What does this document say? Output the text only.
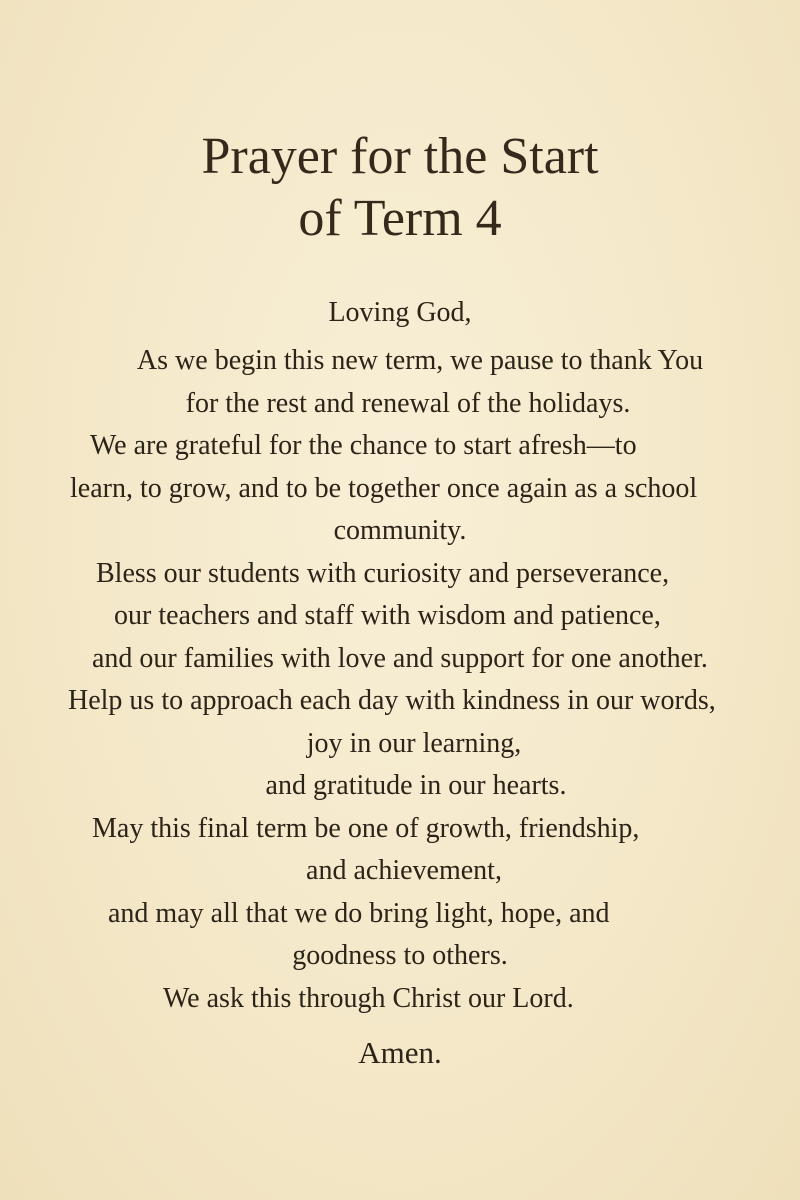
Prayer for the Start
of Term 4
Loving God,
As we begin this new term, we pause to thank You
for the rest and renewal of the holidays.
We are grateful for the chance to start afresh—to
learn, to grow, and to be together once again as a school
community.
Bless our students with curiosity and perseverance,
our teachers and staff with wisdom and patience,
and our families with love and support for one another.
Help us to approach each day with kindness in our words,
joy in our learning,
and gratitude in our hearts.
May this final term be one of growth, friendship,
and achievement,
and may all that we do bring light, hope, and
goodness to others.
We ask this through Christ our Lord.
Amen.
